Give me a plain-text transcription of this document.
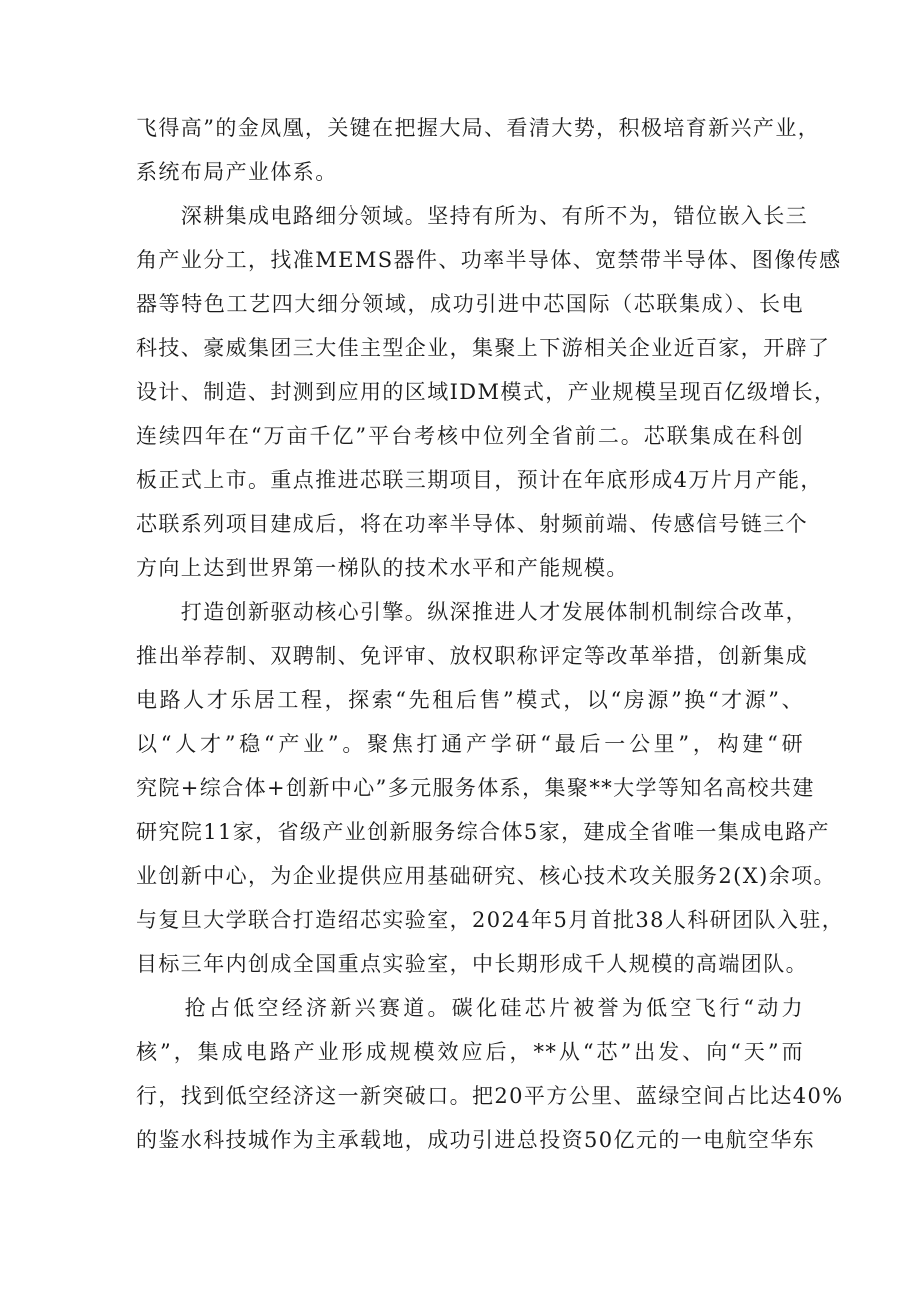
飞得高”的金凤凰，关键在把握大局、看清大势，积极培育新兴产业，
系统布局产业体系。
　　深耕集成电路细分领域。坚持有所为、有所不为，错位嵌入长三
角产业分工，找准MEMS器件、功率半导体、宽禁带半导体、图像传感
器等特色工艺四大细分领域，成功引进中芯国际（芯联集成）、长电
科技、豪威集团三大佳主型企业，集聚上下游相关企业近百家，开辟了
设计、制造、封测到应用的区域IDM模式，产业规模呈现百亿级增长，
连续四年在“万亩千亿”平台考核中位列全省前二。芯联集成在科创
板正式上市。重点推进芯联三期项目，预计在年底形成4万片月产能，
芯联系列项目建成后，将在功率半导体、射频前端、传感信号链三个
方向上达到世界第一梯队的技术水平和产能规模。
　　打造创新驱动核心引擎。纵深推进人才发展体制机制综合改革，
推出举荐制、双聘制、免评审、放权职称评定等改革举措，创新集成
电路人才乐居工程，探索“先租后售”模式，以“房源”换“才源”、
以“人才”稳“产业”。聚焦打通产学研“最后一公里”，构建“研
究院+综合体+创新中心”多元服务体系，集聚**大学等知名高校共建
研究院11家，省级产业创新服务综合体5家，建成全省唯一集成电路产
业创新中心，为企业提供应用基础研究、核心技术攻关服务2(X)余项。
与复旦大学联合打造绍芯实验室，2024年5月首批38人科研团队入驻，
目标三年内创成全国重点实验室，中长期形成千人规模的高端团队。
　　抢占低空经济新兴赛道。碳化硅芯片被誉为低空飞行“动力
核”，集成电路产业形成规模效应后，**从“芯”出发、向“天”而
行，找到低空经济这一新突破口。把20平方公里、蓝绿空间占比达40%
的鉴水科技城作为主承载地，成功引进总投资50亿元的一电航空华东
